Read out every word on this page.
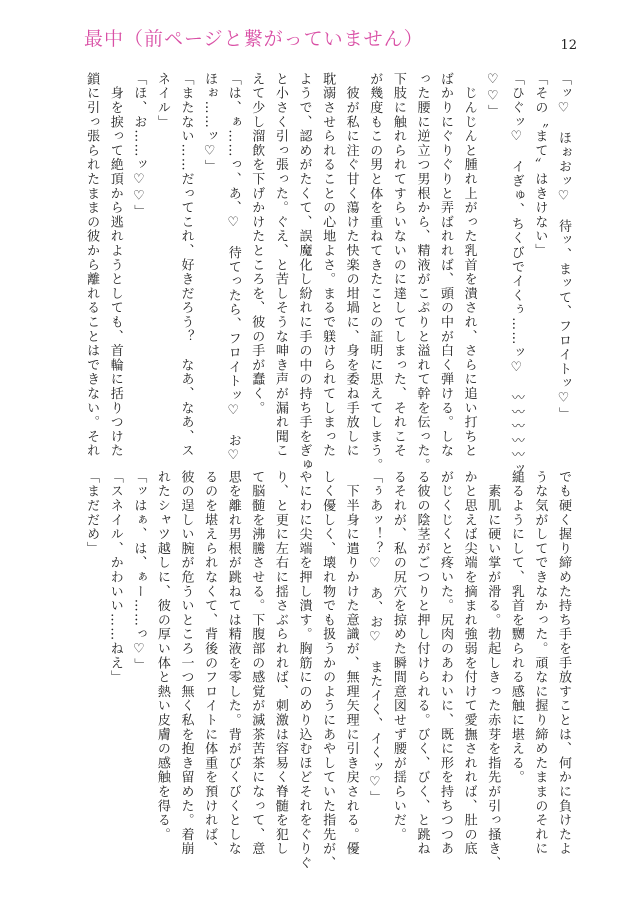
最中（前ページと繋がっていません）	12
「ッ♡　ほぉおッ♡　待ッ、まッて、フロイトッ♡」
「その〝まて〟はきけない」
「ひぐッ♡　イぎゅ、ちくびでイくぅ……ッ♡　〰〰〰〰〰ッ
♡♡」
　じんじんと腫れ上がった乳首を潰され、さらに追い打ちと
ばかりにぐりぐりと弄ばれれば、頭の中が白く弾ける。しな
った腰に逆立つ男根から、精液がこぷりと溢れて幹を伝った。
下肢に触れられてすらいないのに達してしまった、それこそ
が幾度もこの男と体を重ねてきたことの証明に思えてしまう。
　彼が私に注ぐ甘く蕩けた快楽の坩堝に、身を委ね手放しに
耽溺させられることの心地よさ。まるで躾けられてしまった
ようで、認めがたくて、誤魔化し紛れに手の中の持ち手をぎゅ
と小さく引っ張った。ぐえ、と苦しそうな呻き声が漏れ聞こ
えて少し溜飲を下げかけたところを、彼の手が蠢く。
「は、ぁ……っ、あ、♡　待てったら、フロイトッ♡　お♡
ほぉ……ッ♡」
「またない……だってこれ、好きだろう？　なあ、なあ、ス
ネイル」
「ほ、お……ッ♡♡」
　身を捩って絶頂から逃れようとしても、首輪に括りつけた
鎖に引っ張られたままの彼から離れることはできない。それ
でも硬く握り締めた持ち手を手放すことは、何かに負けたよ
うな気がしてできなかった。頑なに握り締めたままのそれに
縋るようにして、乳首を嬲られる感触に堪える。
　素肌に硬い掌が滑る。勃起しきった赤芽を指先が引っ掻き、
かと思えば尖端を摘まれ強弱を付けて愛撫されれば、肚の底
がじくじくと疼いた。尻肉のあわいに、既に形を持ちつつあ
る彼の陰茎がごつりと押し付けられる。びく、びく、と跳ね
るそれが、私の尻穴を掠めた瞬間意図せず腰が揺らいだ。
「ぅあッ！？♡　あ、お♡　またイく、イくッ♡」
　下半身に遣りかけた意識が、無理矢理に引き戻される。優
しく優しく、壊れ物でも扱うかのようにあやしていた指先が、
やにわに尖端を押し潰す。胸筋にのめり込むほどそれをぐりぐ
り、と更に左右に揺さぶられれば、刺激は容易く脊髄を犯し
て脳髄を沸騰させる。下腹部の感覚が滅茶苦茶になって、意
思を離れ男根が跳ねては精液を零した。背がびくびくとしな
るのを堪えられなくて、背後のフロイトに体重を預ければ、
彼の逞しい腕が危ういところ一つ無く私を抱き留めた。着崩
れたシャツ越しに、彼の厚い体と熱い皮膚の感触を得る。
「ッはぁ、は、ぁー……っ♡」
「スネイル、かわいい……ねえ」
「まだだめ」
